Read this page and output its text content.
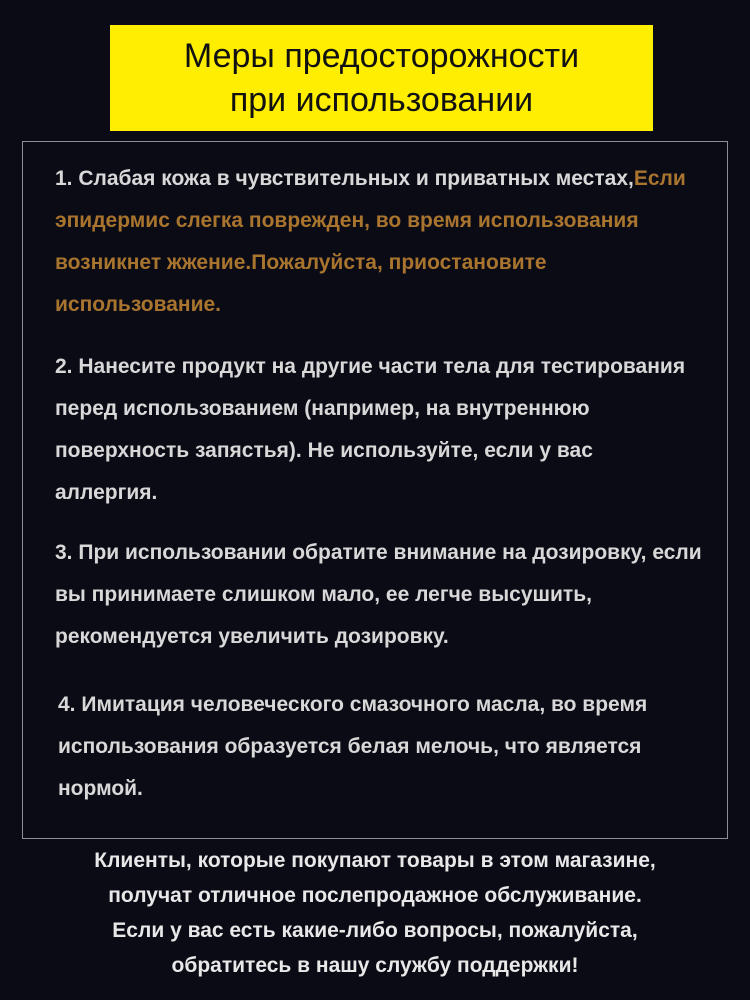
Меры предосторожности
при использовании
1. Слабая кожа в чувствительных и приватных местах,Если эпидермис слегка поврежден, во время использования возникнет жжение.Пожалуйста, приостановите использование.
2. Нанесите продукт на другие части тела для тестирования перед использованием (например, на внутреннюю поверхность запястья). Не используйте, если у вас аллергия.
3. При использовании обратите внимание на дозировку, если вы принимаете слишком мало, ее легче высушить, рекомендуется увеличить дозировку.
4. Имитация человеческого смазочного масла, во время использования образуется белая мелочь, что является нормой.
Клиенты, которые покупают товары в этом магазине,
получат отличное послепродажное обслуживание.
Если у вас есть какие-либо вопросы, пожалуйста,
обратитесь в нашу службу поддержки!
